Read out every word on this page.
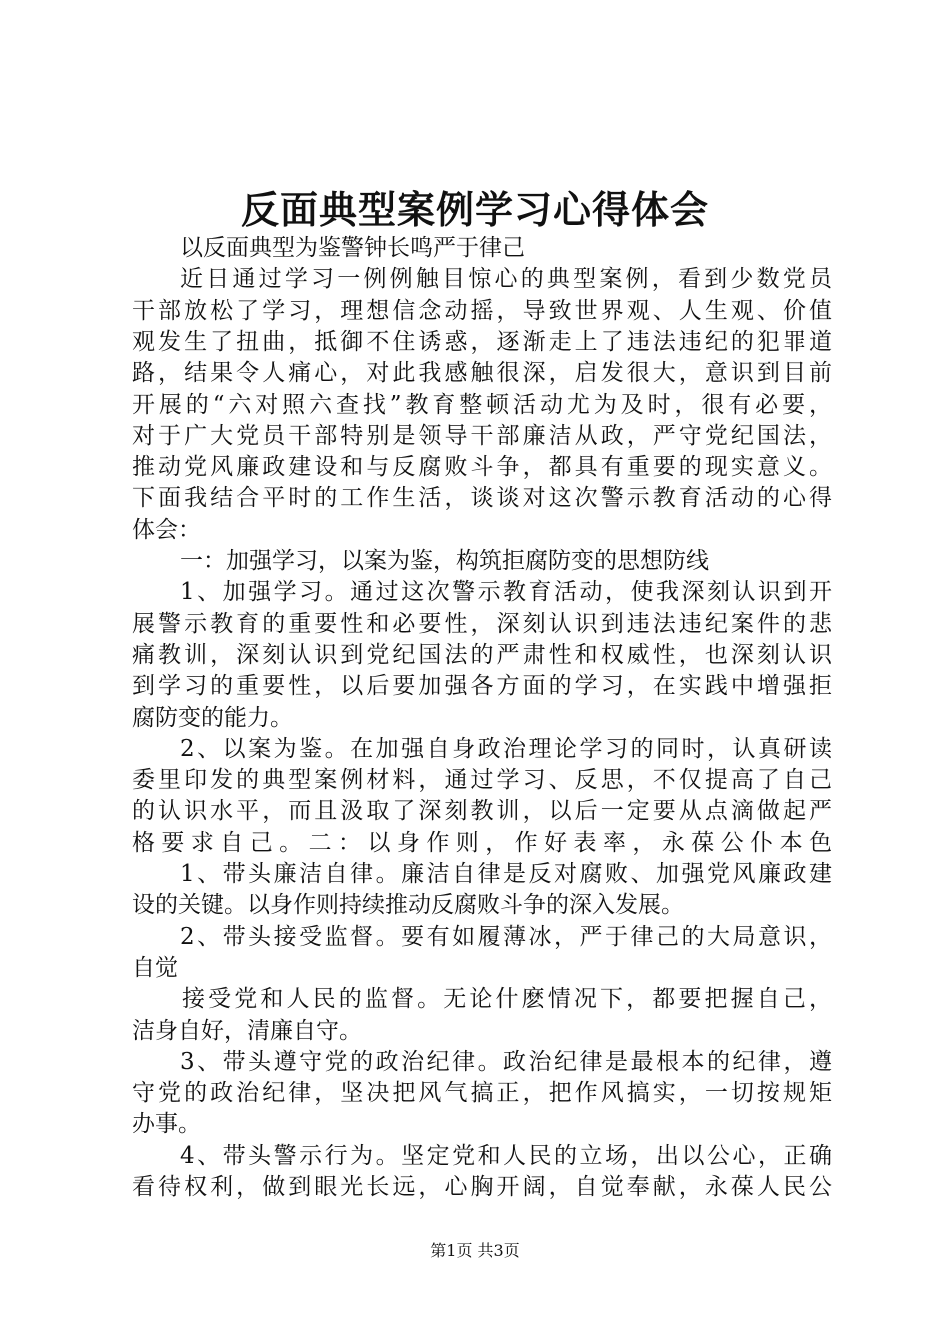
反面典型案例学习心得体会
以反面典型为鉴警钟长鸣严于律己
近日通过学习一例例触目惊心的典型案例，看到少数党员
干部放松了学习，理想信念动摇，导致世界观、人生观、价值
观发生了扭曲，抵御不住诱惑，逐渐走上了违法违纪的犯罪道
路，结果令人痛心，对此我感触很深，启发很大，意识到目前
开展的“六对照六查找”教育整顿活动尤为及时，很有必要，
对于广大党员干部特别是领导干部廉洁从政，严守党纪国法，
推动党风廉政建设和与反腐败斗争，都具有重要的现实意义。
下面我结合平时的工作生活，谈谈对这次警示教育活动的心得
体会：
一：加强学习，以案为鉴，构筑拒腐防变的思想防线
1、加强学习。通过这次警示教育活动，使我深刻认识到开
展警示教育的重要性和必要性，深刻认识到违法违纪案件的悲
痛教训，深刻认识到党纪国法的严肃性和权威性，也深刻认识
到学习的重要性，以后要加强各方面的学习，在实践中增强拒
腐防变的能力。
2、以案为鉴。在加强自身政治理论学习的同时，认真研读
委里印发的典型案例材料，通过学习、反思，不仅提高了自己
的认识水平，而且汲取了深刻教训，以后一定要从点滴做起严
格要求自己。二：以身作则，作好表率，永葆公仆本色
1、带头廉洁自律。廉洁自律是反对腐败、加强党风廉政建
设的关键。以身作则持续推动反腐败斗争的深入发展。
2、带头接受监督。要有如履薄冰，严于律己的大局意识，
自觉
接受党和人民的监督。无论什麽情况下，都要把握自己，
洁身自好，清廉自守。
3、带头遵守党的政治纪律。政治纪律是最根本的纪律，遵
守党的政治纪律，坚决把风气搞正，把作风搞实，一切按规矩
办事。
4、带头警示行为。坚定党和人民的立场，出以公心，正确
看待权利，做到眼光长远，心胸开阔，自觉奉献，永葆人民公
第1页 共3页
